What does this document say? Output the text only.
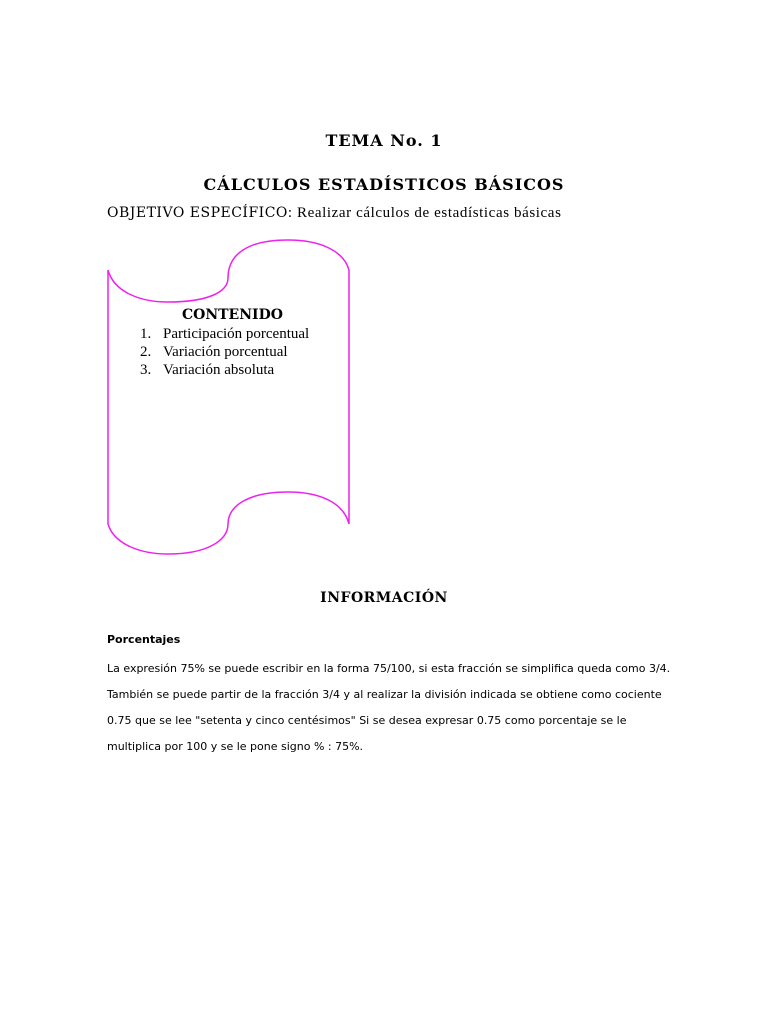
TEMA No. 1
CÁLCULOS ESTADÍSTICOS BÁSICOS
OBJETIVO ESPECÍFICO: Realizar cálculos de estadísticas básicas
CONTENIDO
1. Participación porcentual
2. Variación porcentual
3. Variación absoluta
INFORMACIÓN
Porcentajes
La expresión 75% se puede escribir en la forma 75/100, si esta fracción se simplifica queda como 3/4.
También se puede partir de la fracción 3/4 y al realizar la división indicada se obtiene como cociente
0.75 que se lee "setenta y cinco centésimos" Si se desea expresar 0.75 como porcentaje se le
multiplica por 100 y se le pone signo % : 75%.
